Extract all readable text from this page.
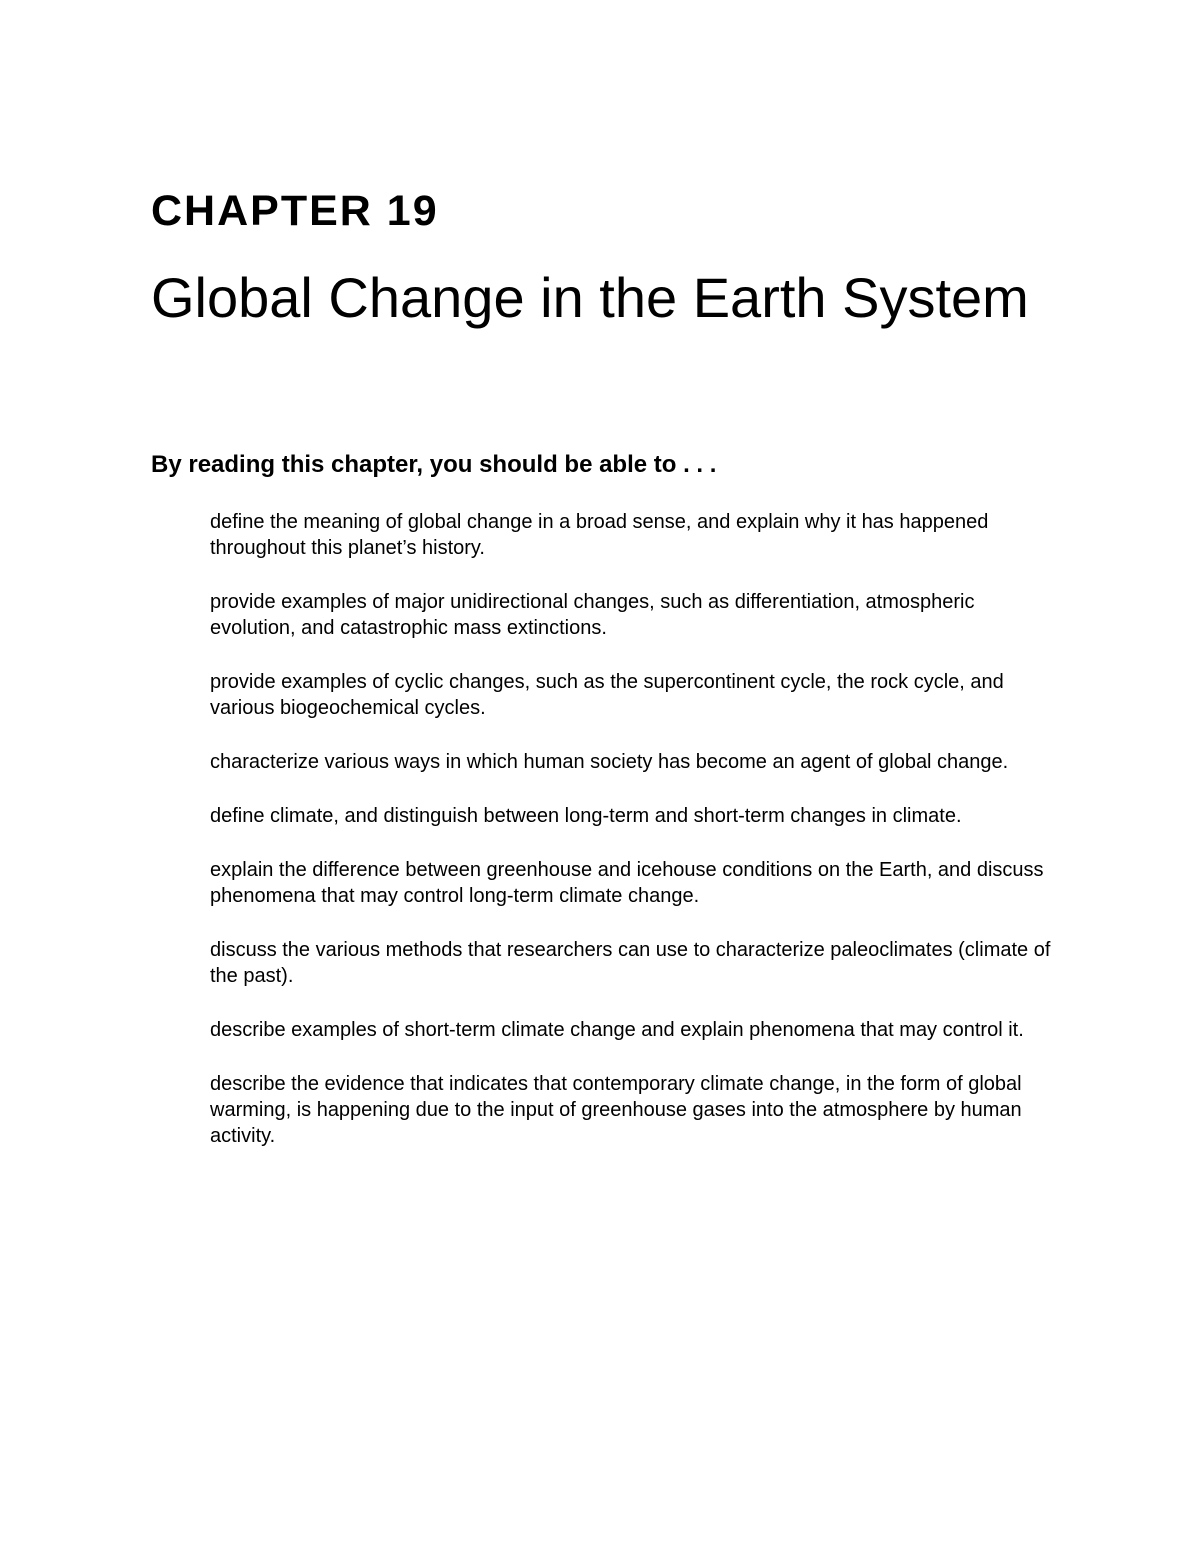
CHAPTER 19
Global Change in the Earth System
By reading this chapter, you should be able to . . .
define the meaning of global change in a broad sense, and explain why it has happened throughout this planet’s history.
provide examples of major unidirectional changes, such as differentiation, atmospheric evolution, and catastrophic mass extinctions.
provide examples of cyclic changes, such as the supercontinent cycle, the rock cycle, and various biogeochemical cycles.
characterize various ways in which human society has become an agent of global change.
define climate, and distinguish between long-term and short-term changes in climate.
explain the difference between greenhouse and icehouse conditions on the Earth, and discuss phenomena that may control long-term climate change.
discuss the various methods that researchers can use to characterize paleoclimates (climate of the past).
describe examples of short-term climate change and explain phenomena that may control it.
describe the evidence that indicates that contemporary climate change, in the form of global warming, is happening due to the input of greenhouse gases into the atmosphere by human activity.
